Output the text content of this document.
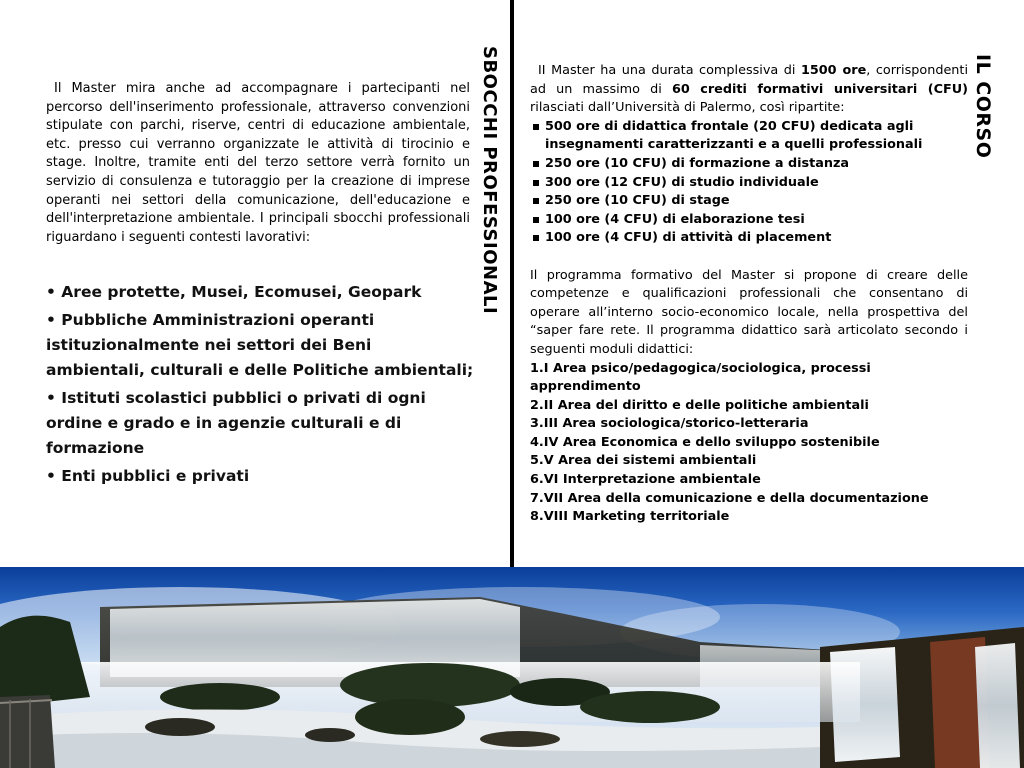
Il Master mira anche ad accompagnare i partecipanti nel percorso dell'inserimento professionale, attraverso convenzioni stipulate con parchi, riserve, centri di educazione ambientale, etc. presso cui verranno organizzate le attività di tirocinio e stage. Inoltre, tramite enti del terzo settore verrà fornito un servizio di consulenza e tutoraggio per la creazione di imprese operanti nei settori della comunicazione, dell'educazione e dell'interpretazione ambientale. I principali sbocchi professionali riguardano i seguenti contesti lavorativi:

• Aree protette, Musei, Ecomusei, Geopark
• Pubbliche Amministrazioni operanti istituzionalmente nei settori dei Beni ambientali, culturali e delle Politiche ambientali;
• Istituti scolastici pubblici o privati di ogni ordine e grado e in agenzie culturali e di formazione
• Enti pubblici e privati
SBOCCHI PROFESSIONALI	II Master ha una durata complessiva di 1500 ore, corrispondenti ad un massimo di 60 crediti formativi universitari (CFU) rilasciati dall’Università di Palermo, così ripartite:

500 ore di didattica frontale (20 CFU) dedicata agli insegnamenti caratterizzanti e a quelli professionali
250 ore (10 CFU) di formazione a distanza
300 ore (12 CFU) di studio individuale
250 ore (10 CFU) di stage
100 ore (4 CFU) di elaborazione tesi
100 ore (4 CFU) di attività di placement

Il programma formativo del Master si propone di creare delle competenze e qualificazioni professionali che consentano di operare all’interno socio-economico locale, nella prospettiva del “saper fare rete. Il programma didattico sarà articolato secondo i seguenti moduli didattici:

1.I Area psico/pedagogica/sociologica, processi apprendimento
2.II Area del diritto e delle politiche ambientali
3.III Area sociologica/storico-letteraria
4.IV Area Economica e dello sviluppo sostenibile
5.V Area dei sistemi ambientali
6.VI Interpretazione ambientale
7.VII Area della comunicazione e della documentazione
8.VIII Marketing territoriale
IL CORSO
